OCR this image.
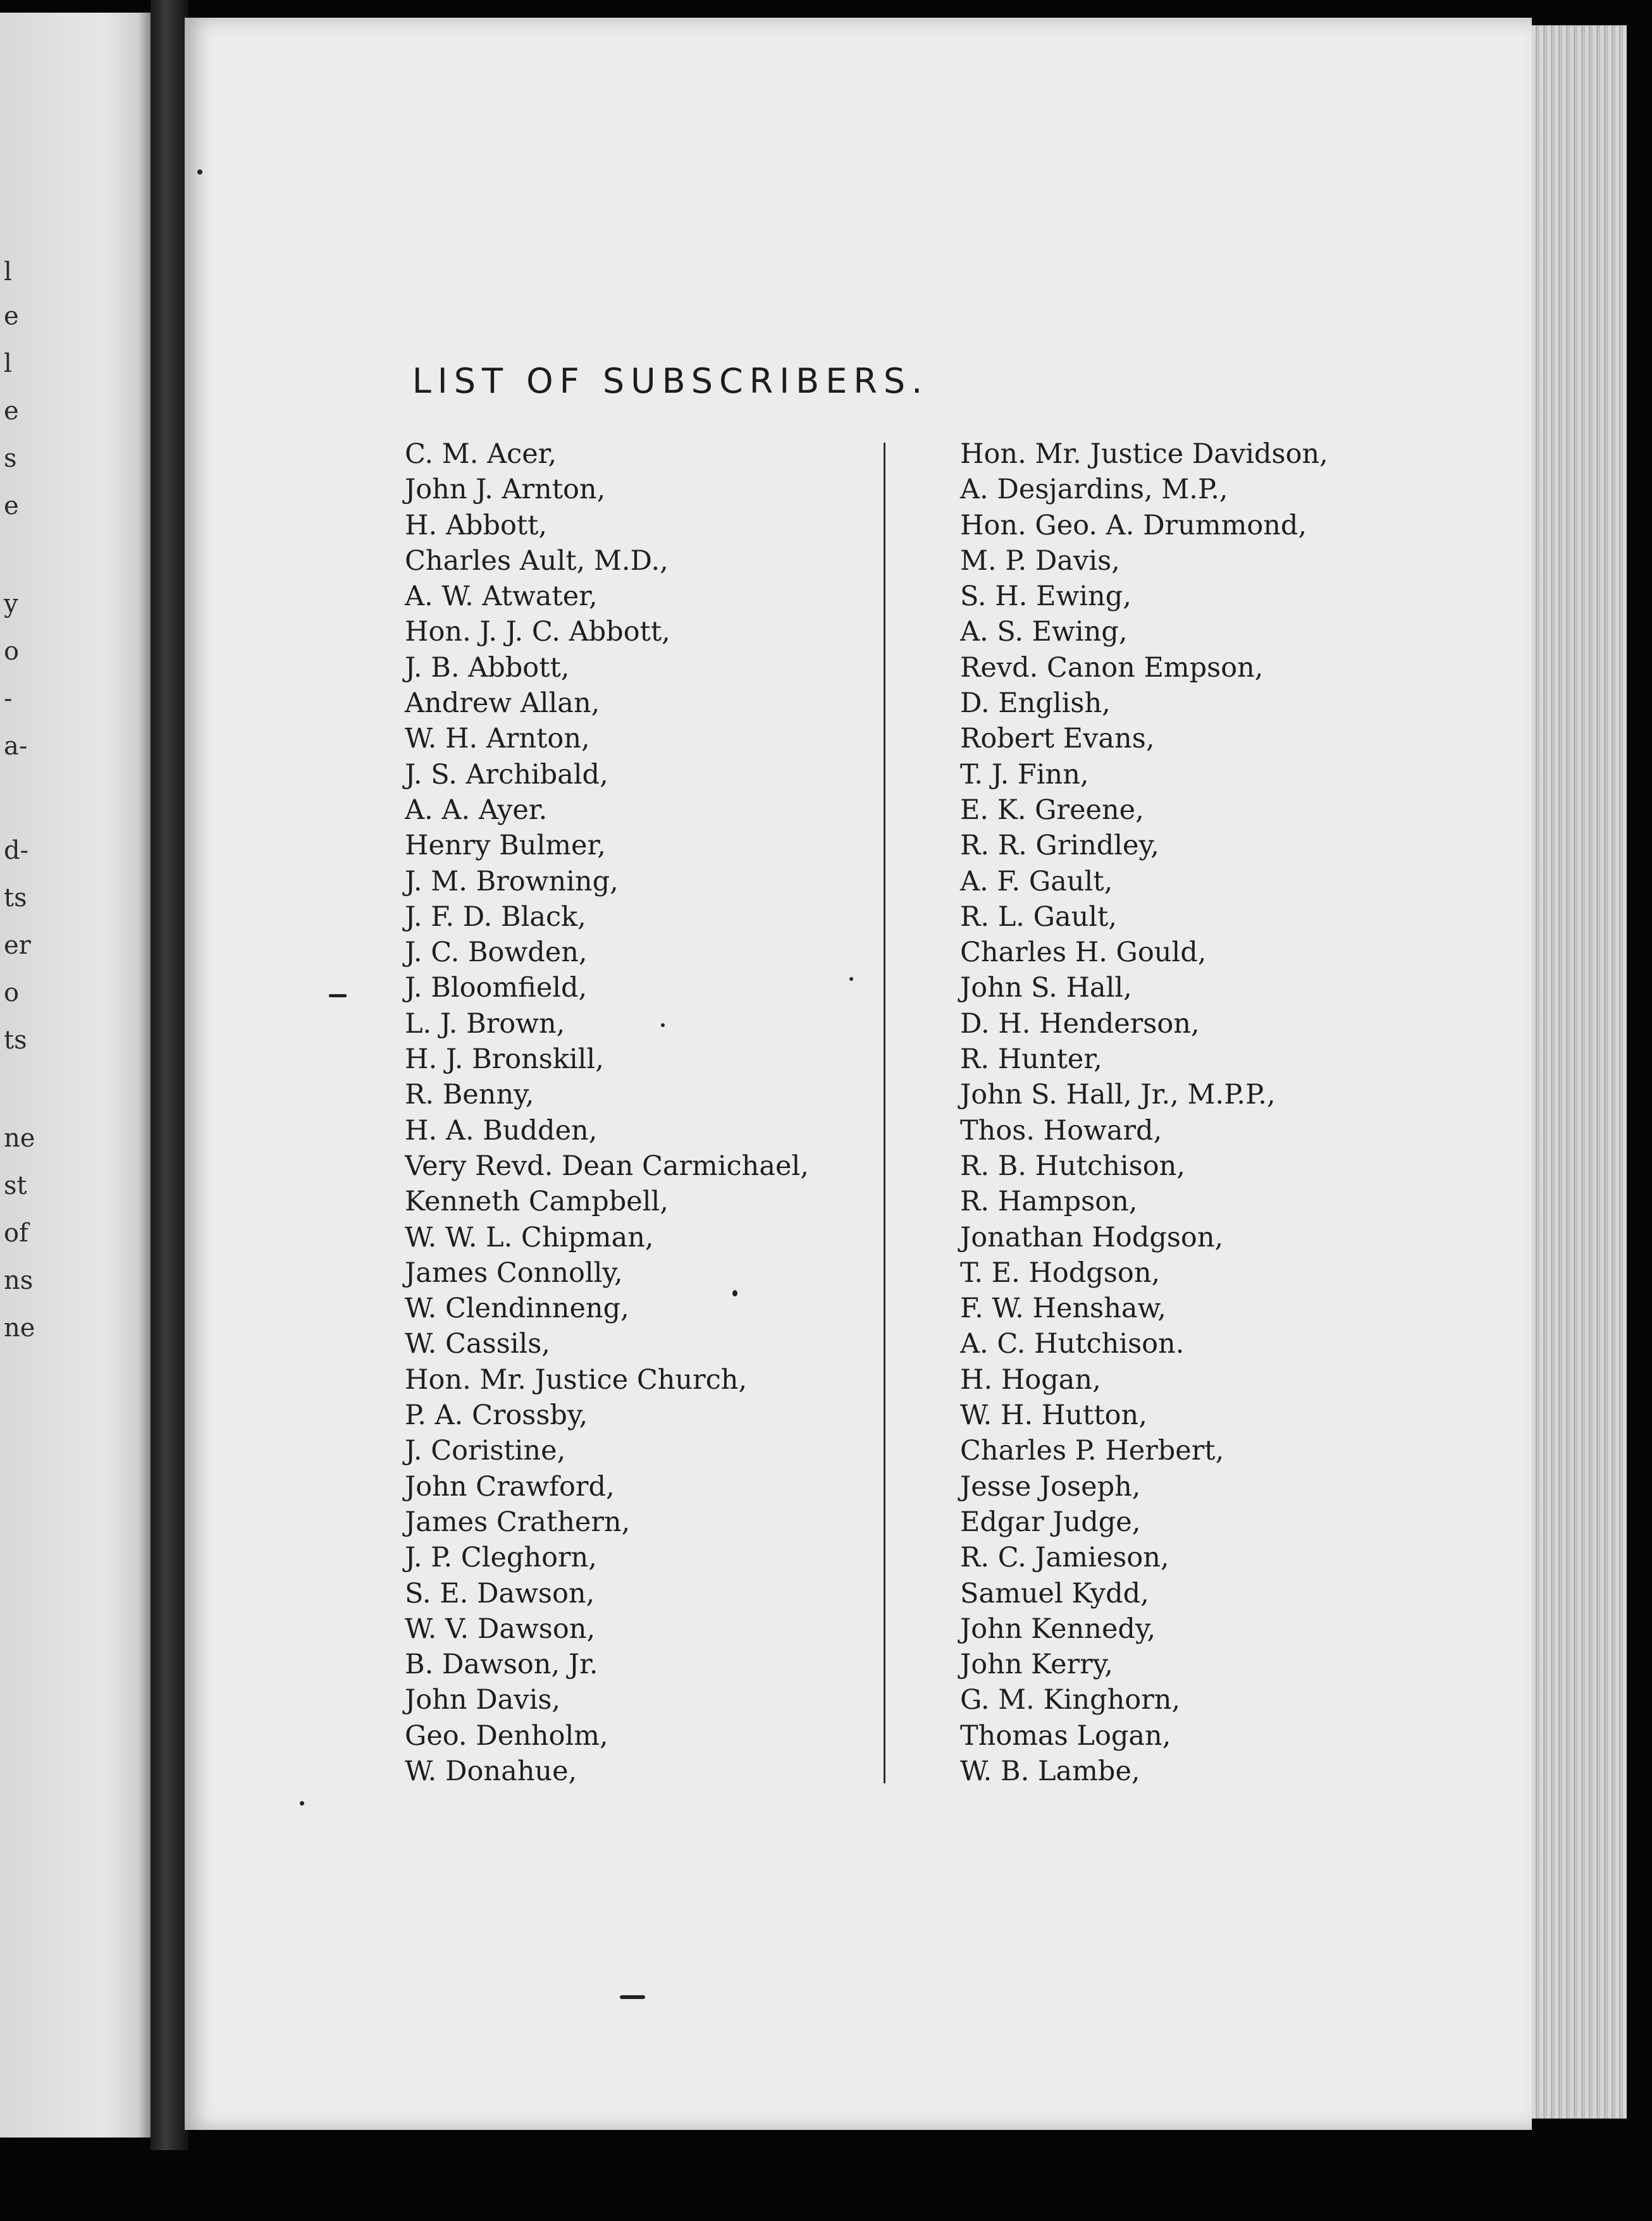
l
e
l
e
s
e
y
o
-
a-
d-
ts
er
o
ts
ne
st
of
ns
ne
LIST OF SUBSCRIBERS.
C. M. Acer,
John J. Arnton,
H. Abbott,
Charles Ault, M.D.,
A. W. Atwater,
Hon. J. J. C. Abbott,
J. B. Abbott,
Andrew Allan,
W. H. Arnton,
J. S. Archibald,
A. A. Ayer.
Henry Bulmer,
J. M. Browning,
J. F. D. Black,
J. C. Bowden,
J. Bloomfield,
L. J. Brown,
H. J. Bronskill,
R. Benny,
H. A. Budden,
Very Revd. Dean Carmichael,
Kenneth Campbell,
W. W. L. Chipman,
James Connolly,
W. Clendinneng,
W. Cassils,
Hon. Mr. Justice Church,
P. A. Crossby,
J. Coristine,
John Crawford,
James Crathern,
J. P. Cleghorn,
S. E. Dawson,
W. V. Dawson,
B. Dawson, Jr.
John Davis,
Geo. Denholm,
W. Donahue,
Hon. Mr. Justice Davidson,
A. Desjardins, M.P.,
Hon. Geo. A. Drummond,
M. P. Davis,
S. H. Ewing,
A. S. Ewing,
Revd. Canon Empson,
D. English,
Robert Evans,
T. J. Finn,
E. K. Greene,
R. R. Grindley,
A. F. Gault,
R. L. Gault,
Charles H. Gould,
John S. Hall,
D. H. Henderson,
R. Hunter,
John S. Hall, Jr., M.P.P.,
Thos. Howard,
R. B. Hutchison,
R. Hampson,
Jonathan Hodgson,
T. E. Hodgson,
F. W. Henshaw,
A. C. Hutchison.
H. Hogan,
W. H. Hutton,
Charles P. Herbert,
Jesse Joseph,
Edgar Judge,
R. C. Jamieson,
Samuel Kydd,
John Kennedy,
John Kerry,
G. M. Kinghorn,
Thomas Logan,
W. B. Lambe,
